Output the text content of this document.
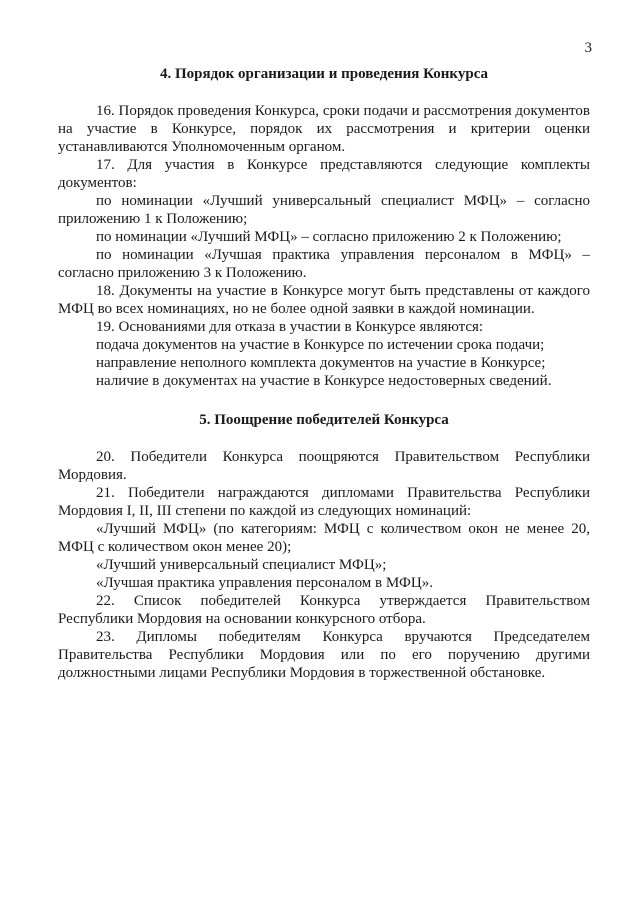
3

4. Порядок организации и проведения Конкурса

16. Порядок проведения Конкурса, сроки подачи и рассмотрения документов на участие в Конкурсе, порядок их рассмотрения и критерии оценки устанавливаются Уполномоченным органом.

17. Для участия в Конкурсе представляются следующие комплекты документов:

по номинации «Лучший универсальный специалист МФЦ» – согласно приложению 1 к Положению;

по номинации «Лучший МФЦ» – согласно приложению 2 к Положению;

по номинации «Лучшая практика управления персоналом в МФЦ» – согласно приложению 3 к Положению.

18. Документы на участие в Конкурсе могут быть представлены от каждого МФЦ во всех номинациях, но не более одной заявки в каждой номинации.

19. Основаниями для отказа в участии в Конкурсе являются:

подача документов на участие в Конкурсе по истечении срока подачи;

направление неполного комплекта документов на участие в Конкурсе;

наличие в документах на участие в Конкурсе недостоверных сведений.

5. Поощрение победителей Конкурса

20. Победители Конкурса поощряются Правительством Республики Мордовия.

21. Победители награждаются дипломами Правительства Республики Мордовия I, II, III степени по каждой из следующих номинаций:

«Лучший МФЦ» (по категориям: МФЦ с количеством окон не менее 20, МФЦ с количеством окон менее 20);

«Лучший универсальный специалист МФЦ»;

«Лучшая практика управления персоналом в МФЦ».

22. Список победителей Конкурса утверждается Правительством Республики Мордовия на основании конкурсного отбора.

23. Дипломы победителям Конкурса вручаются Председателем Правительства Республики Мордовия или по его поручению другими должностными лицами Республики Мордовия в торжественной обстановке.
